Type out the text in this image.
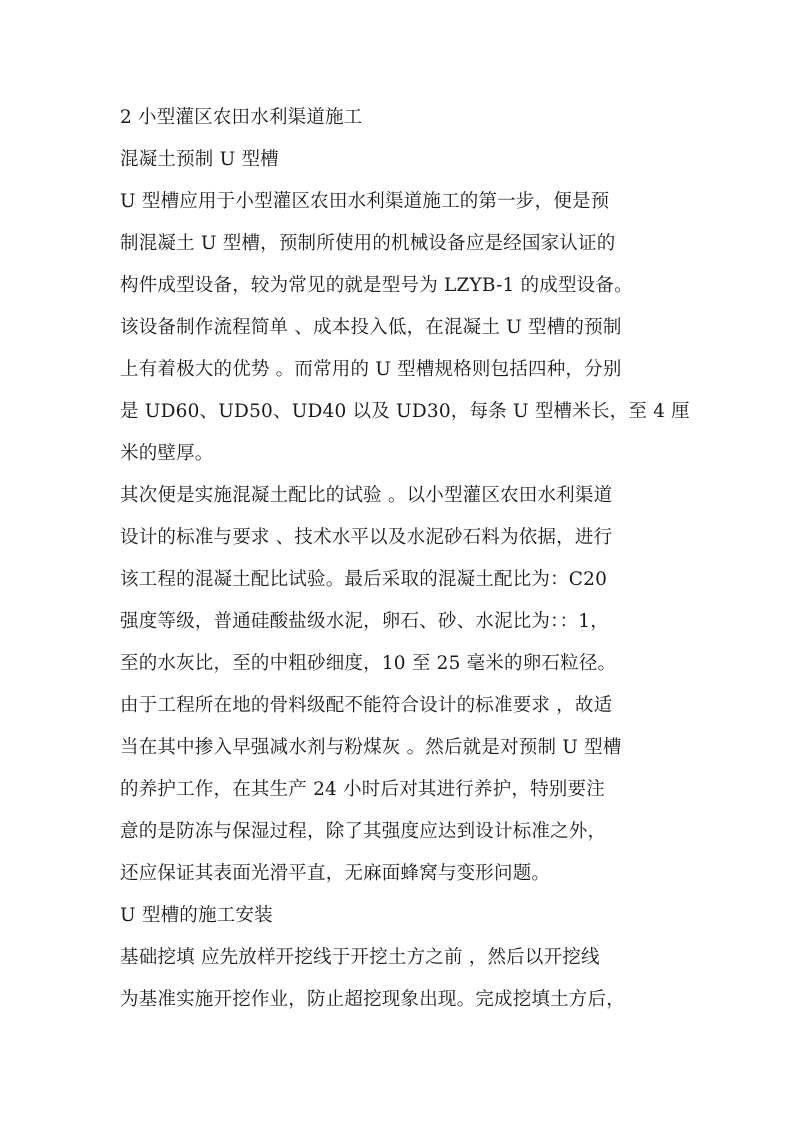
2 小型灌区农田水利渠道施工
混凝土预制 U 型槽
U 型槽应用于小型灌区农田水利渠道施工的第一步，便是预
制混凝土 U 型槽，预制所使用的机械设备应是经国家认证的
构件成型设备，较为常见的就是型号为 LZYB-1 的成型设备。
该设备制作流程简单 、成本投入低，在混凝土 U 型槽的预制
上有着极大的优势 。而常用的 U 型槽规格则包括四种，分别
是 UD60、UD50、UD40 以及 UD30，每条 U 型槽米长，至 4 厘
米的壁厚。
其次便是实施混凝土配比的试验 。以小型灌区农田水利渠道
设计的标准与要求 、技术水平以及水泥砂石料为依据，进行
该工程的混凝土配比试验。最后采取的混凝土配比为：C20
强度等级，普通硅酸盐级水泥，卵石、砂、水泥比为：：1，
至的水灰比，至的中粗砂细度，10 至 25 毫米的卵石粒径。
由于工程所在地的骨料级配不能符合设计的标准要求 ，故适
当在其中掺入早强减水剂与粉煤灰 。然后就是对预制 U 型槽
的养护工作，在其生产 24 小时后对其进行养护，特别要注
意的是防冻与保湿过程，除了其强度应达到设计标准之外，
还应保证其表面光滑平直，无麻面蜂窝与变形问题。
U 型槽的施工安装
基础挖填 应先放样开挖线于开挖土方之前 ，然后以开挖线
为基准实施开挖作业，防止超挖现象出现。完成挖填土方后，
